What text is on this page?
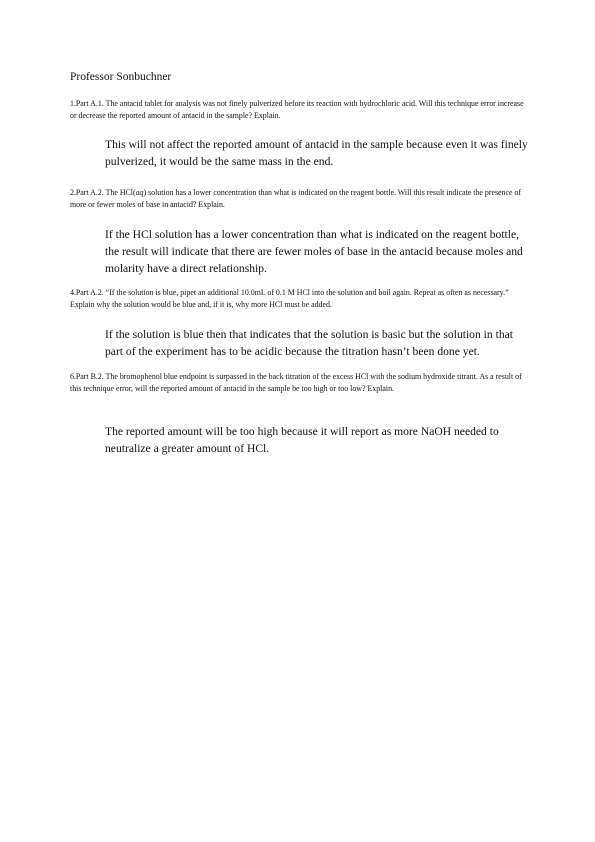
Professor Sonbuchner
1.Part A.1. The antacid tablet for analysis was not finely pulverized before its reaction with hydrochloric acid. Will this technique error increase or decrease the reported amount of antacid in the sample? Explain.
This will not affect the reported amount of antacid in the sample because even it was finely pulverized, it would be the same mass in the end.
2.Part A.2. The HCl(aq) solution has a lower concentration than what is indicated on the reagent bottle. Will this result indicate the presence of more or fewer moles of base in antacid? Explain.
If the HCl solution has a lower concentration than what is indicated on the reagent bottle, the result will indicate that there are fewer moles of base in the antacid because moles and molarity have a direct relationship.
4.Part A.2. “If the solution is blue, pipet an additional 10.0mL of 0.1 M HCl into the solution and boil again. Repeat as often as necessary.” Explain why the solution would be blue and, if it is, why more HCl must be added.
If the solution is blue then that indicates that the solution is basic but the solution in that part of the experiment has to be acidic because the titration hasn’t been done yet.
6.Part B.2. The bromophenol blue endpoint is surpassed in the back titration of the excess HCl with the sodium hydroxide titrant. As a result of this technique error, will the reported amount of antacid in the sample be too high or too low? Explain.
The reported amount will be too high because it will report as more NaOH needed to neutralize a greater amount of HCl.
